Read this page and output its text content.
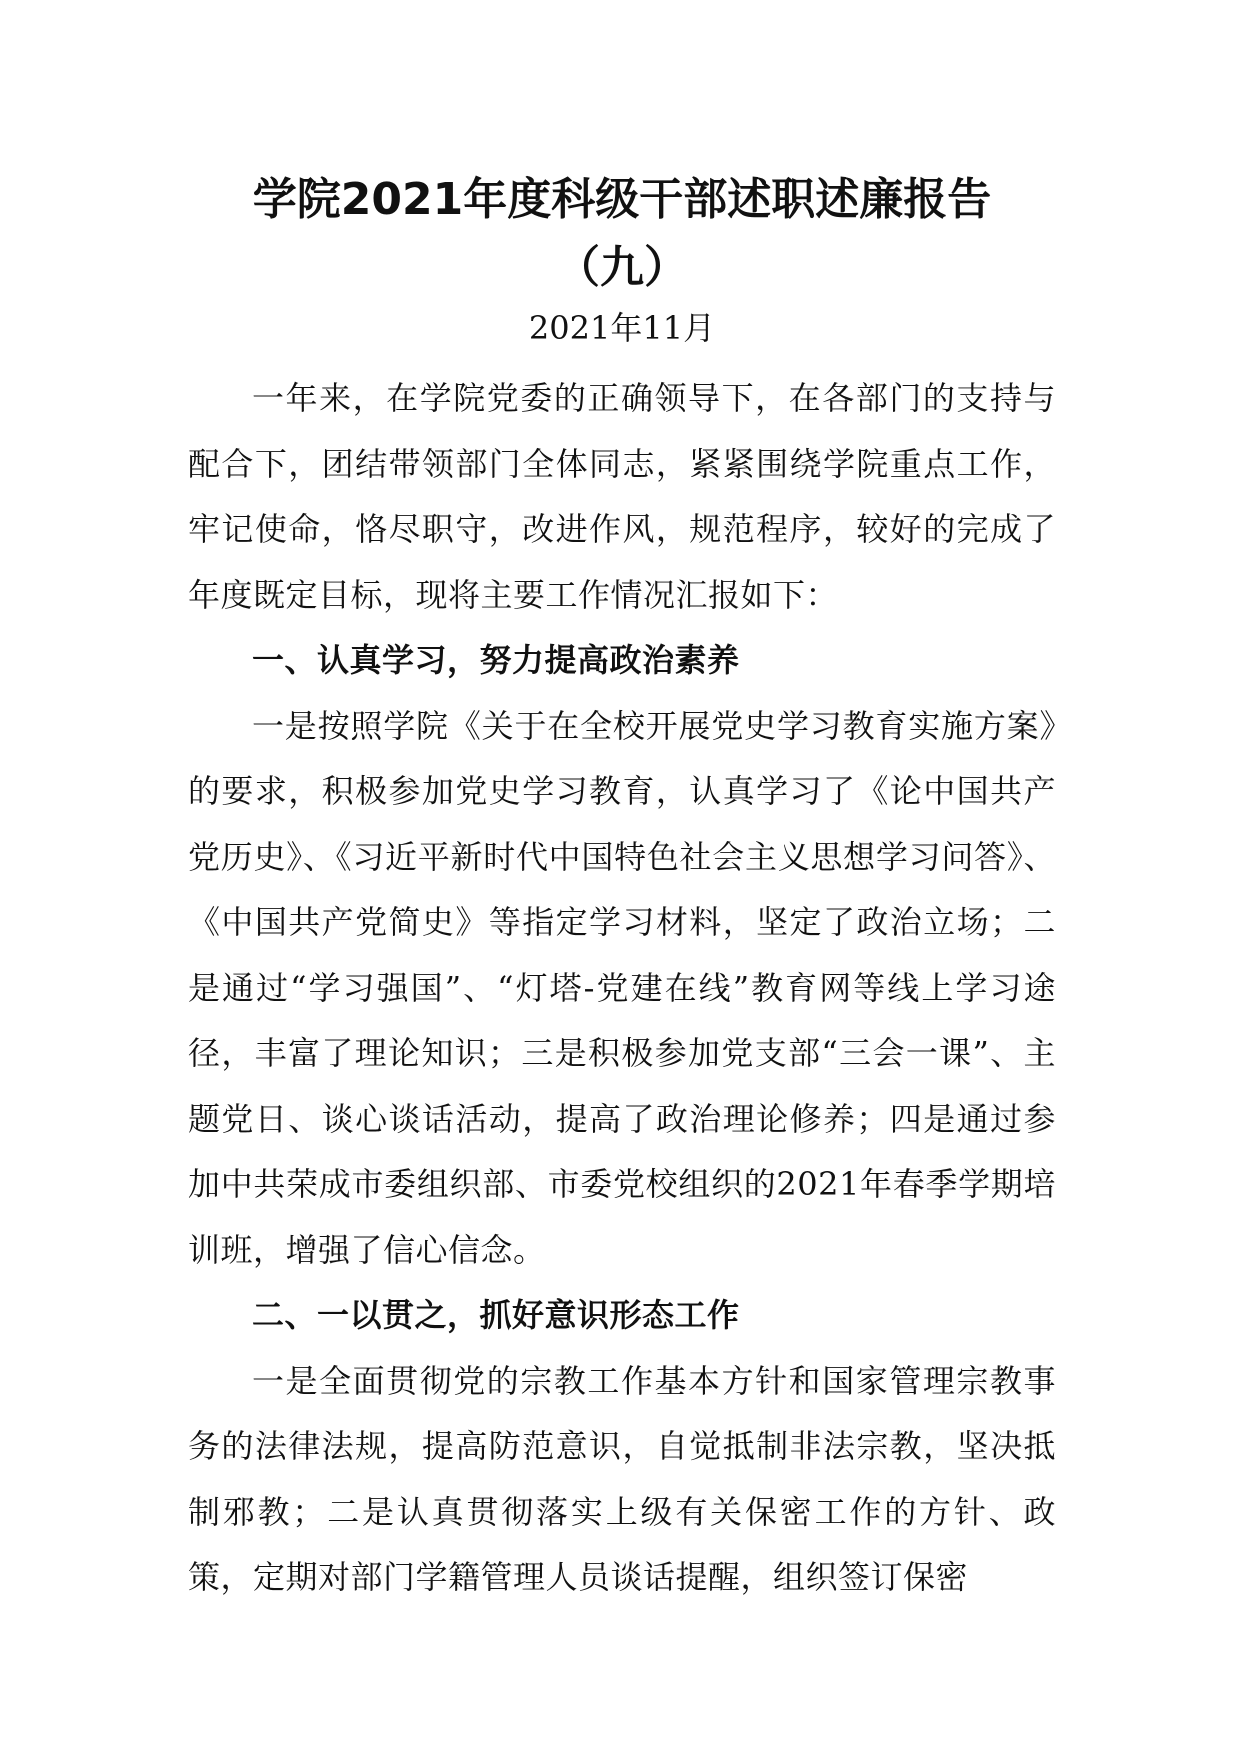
学院2021年度科级干部述职述廉报告
（九）
2021年11月

一年来，在学院党委的正确领导下，在各部门的支持与配合下，团结带领部门全体同志，紧紧围绕学院重点工作，牢记使命，恪尽职守，改进作风，规范程序，较好的完成了年度既定目标，现将主要工作情况汇报如下：

一、认真学习，努力提高政治素养

一是按照学院《关于在全校开展党史学习教育实施方案》的要求，积极参加党史学习教育，认真学习了《论中国共产党历史》、《习近平新时代中国特色社会主义思想学习问答》、《中国共产党简史》等指定学习材料，坚定了政治立场；二是通过“学习强国”、“灯塔-党建在线”教育网等线上学习途径，丰富了理论知识；三是积极参加党支部“三会一课”、主题党日、谈心谈话活动，提高了政治理论修养；四是通过参加中共荣成市委组织部、市委党校组织的2021年春季学期培训班，增强了信心信念。

二、一以贯之，抓好意识形态工作

一是全面贯彻党的宗教工作基本方针和国家管理宗教事务的法律法规，提高防范意识，自觉抵制非法宗教，坚决抵制邪教；二是认真贯彻落实上级有关保密工作的方针、政策，定期对部门学籍管理人员谈话提醒，组织签订保密
